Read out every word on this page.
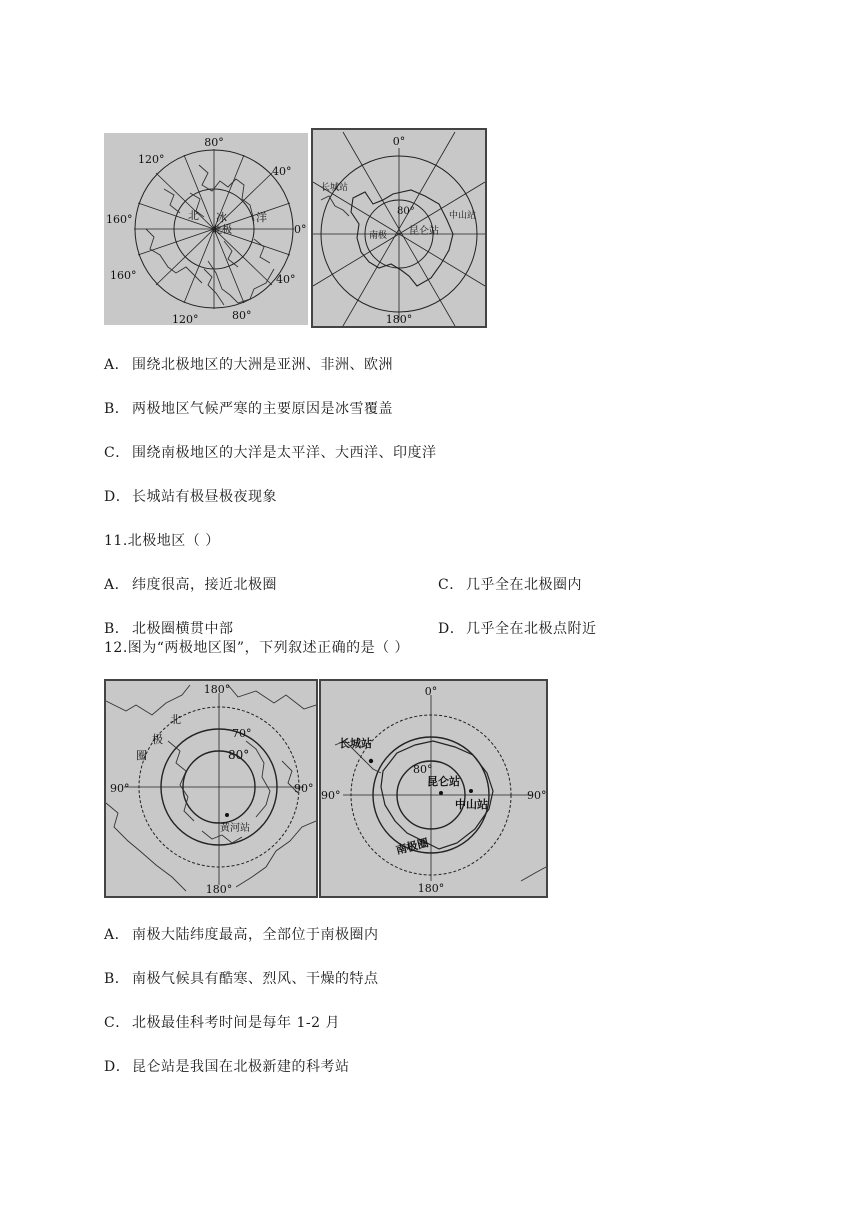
80°
120°
40°
160°
0°
160°	40°
120°	80°
北 冰	洋
北极
0°
180°
80°
长城站
中山站
南极 昆仑站
A． 围绕北极地区的大洲是亚洲、非洲、欧洲
B． 两极地区气候严寒的主要原因是冰雪覆盖
C． 围绕南极地区的大洋是太平洋、大西洋、印度洋
D． 长城站有极昼极夜现象
11.北极地区（ ）
A． 纬度很高，接近北极圈	C． 几乎全在北极圈内
B． 北极圈横贯中部	D． 几乎全在北极点附近
12.图为“两极地区图”，下列叙述正确的是（ ）
180°
90°	90°
180°
70°
80°
北
极
圈
黄河站
0°
90°	90°
180°
80°
长城站
昆仑站
中山站
南极圈
A． 南极大陆纬度最高，全部位于南极圈内
B． 南极气候具有酷寒、烈风、干燥的特点
C． 北极最佳科考时间是每年 1-2 月
D． 昆仑站是我国在北极新建的科考站
